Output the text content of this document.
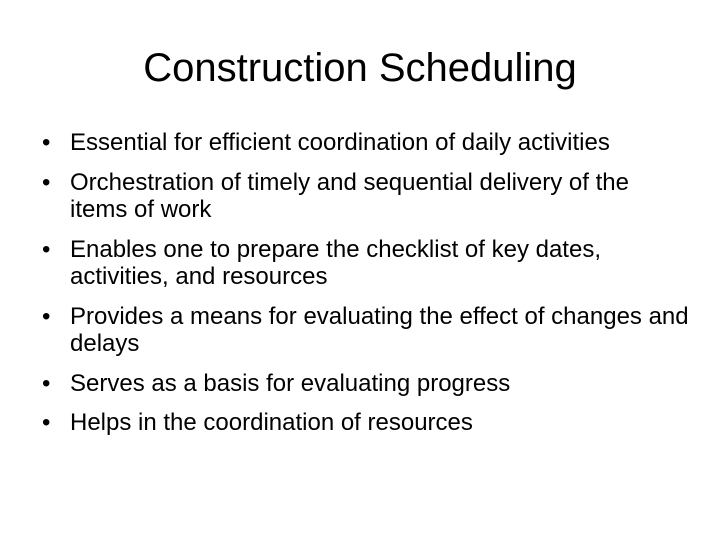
Construction Scheduling
• Essential for efficient coordination of daily activities
• Orchestration of timely and sequential delivery of the items of work
• Enables one to prepare the checklist of key dates, activities, and resources
• Provides a means for evaluating the effect of changes and delays
• Serves as a basis for evaluating progress
• Helps in the coordination of resources
